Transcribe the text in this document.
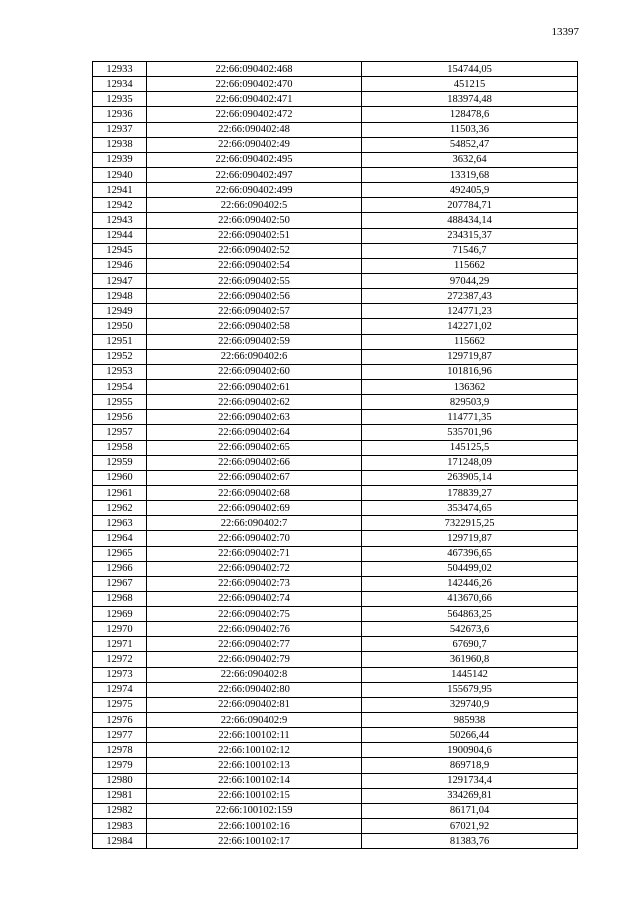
13397
12933	22:66:090402:468	154744,05
12934	22:66:090402:470	451215
12935	22:66:090402:471	183974,48
12936	22:66:090402:472	128478,6
12937	22:66:090402:48	11503,36
12938	22:66:090402:49	54852,47
12939	22:66:090402:495	3632,64
12940	22:66:090402:497	13319,68
12941	22:66:090402:499	492405,9
12942	22:66:090402:5	207784,71
12943	22:66:090402:50	488434,14
12944	22:66:090402:51	234315,37
12945	22:66:090402:52	71546,7
12946	22:66:090402:54	115662
12947	22:66:090402:55	97044,29
12948	22:66:090402:56	272387,43
12949	22:66:090402:57	124771,23
12950	22:66:090402:58	142271,02
12951	22:66:090402:59	115662
12952	22:66:090402:6	129719,87
12953	22:66:090402:60	101816,96
12954	22:66:090402:61	136362
12955	22:66:090402:62	829503,9
12956	22:66:090402:63	114771,35
12957	22:66:090402:64	535701,96
12958	22:66:090402:65	145125,5
12959	22:66:090402:66	171248,09
12960	22:66:090402:67	263905,14
12961	22:66:090402:68	178839,27
12962	22:66:090402:69	353474,65
12963	22:66:090402:7	7322915,25
12964	22:66:090402:70	129719,87
12965	22:66:090402:71	467396,65
12966	22:66:090402:72	504499,02
12967	22:66:090402:73	142446,26
12968	22:66:090402:74	413670,66
12969	22:66:090402:75	564863,25
12970	22:66:090402:76	542673,6
12971	22:66:090402:77	67690,7
12972	22:66:090402:79	361960,8
12973	22:66:090402:8	1445142
12974	22:66:090402:80	155679,95
12975	22:66:090402:81	329740,9
12976	22:66:090402:9	985938
12977	22:66:100102:11	50266,44
12978	22:66:100102:12	1900904,6
12979	22:66:100102:13	869718,9
12980	22:66:100102:14	1291734,4
12981	22:66:100102:15	334269,81
12982	22:66:100102:159	86171,04
12983	22:66:100102:16	67021,92
12984	22:66:100102:17	81383,76
